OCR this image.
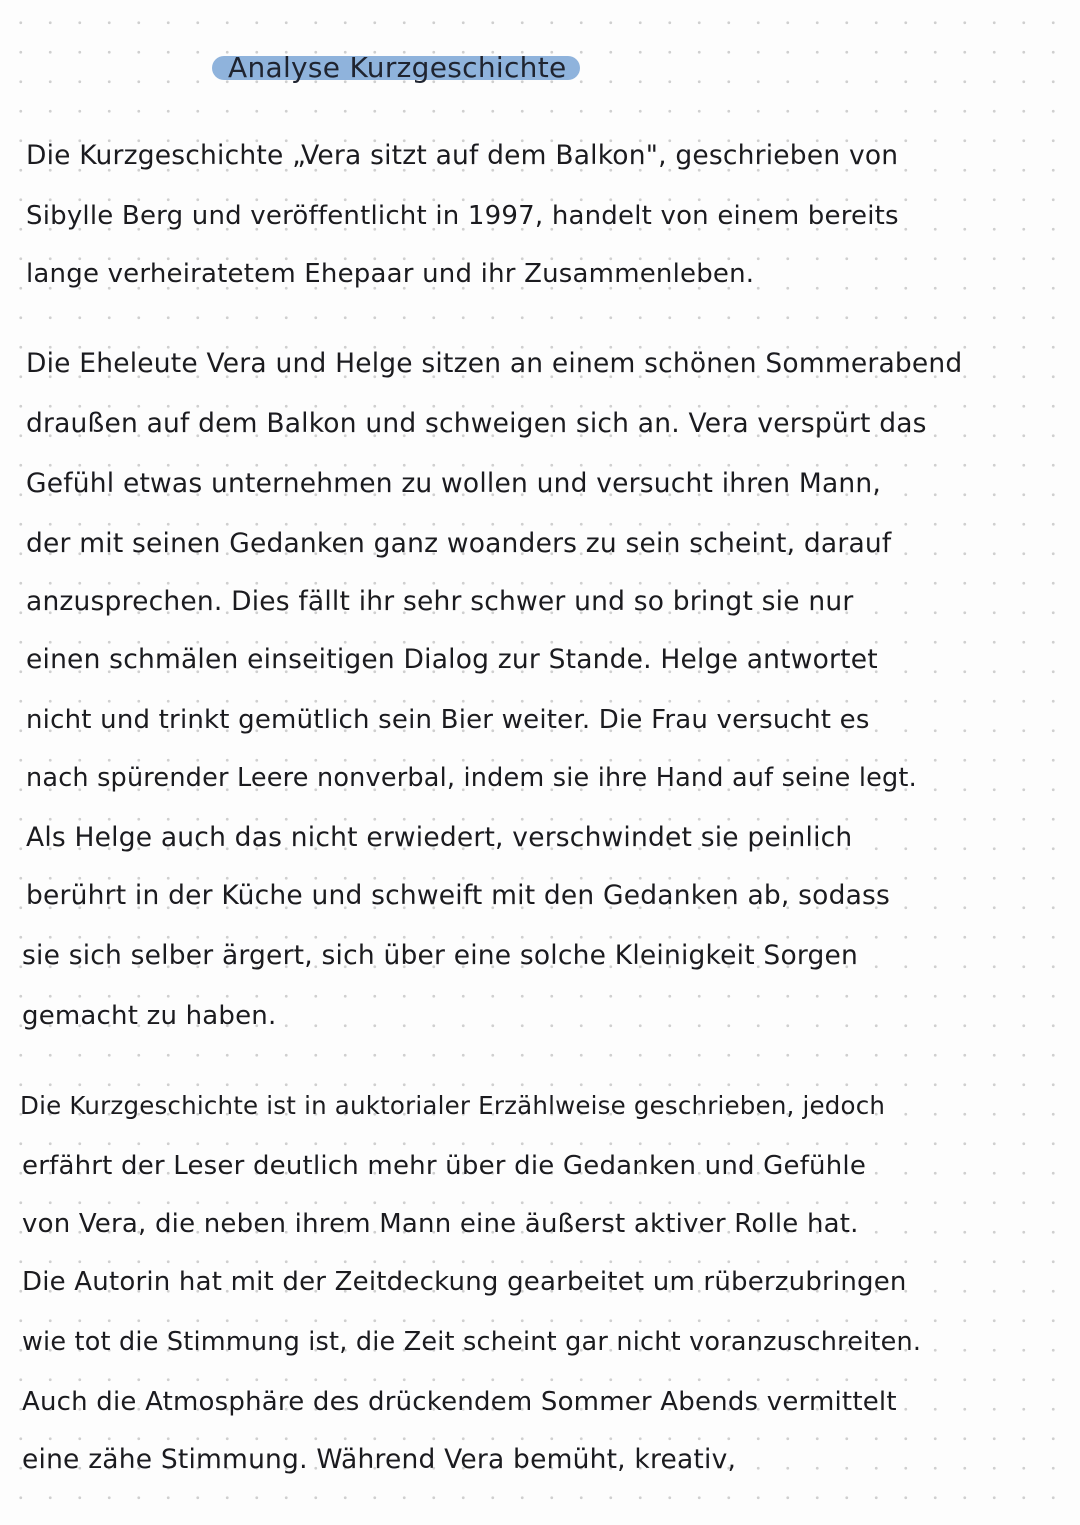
Analyse Kurzgeschichte
Die Kurzgeschichte „Vera sitzt auf dem Balkon", geschrieben von
Sibylle Berg und veröffentlicht in 1997, handelt von einem bereits
lange verheiratetem Ehepaar und ihr Zusammenleben.
Die Eheleute Vera und Helge sitzen an einem schönen Sommerabend
draußen auf dem Balkon und schweigen sich an. Vera verspürt das
Gefühl etwas unternehmen zu wollen und versucht ihren Mann,
der mit seinen Gedanken ganz woanders zu sein scheint, darauf
anzusprechen. Dies fällt ihr sehr schwer und so bringt sie nur
einen schmälen einseitigen Dialog zur Stande. Helge antwortet
nicht und trinkt gemütlich sein Bier weiter. Die Frau versucht es
nach spürender Leere nonverbal, indem sie ihre Hand auf seine legt.
Als Helge auch das nicht erwiedert, verschwindet sie peinlich
berührt in der Küche und schweift mit den Gedanken ab, sodass
sie sich selber ärgert, sich über eine solche Kleinigkeit Sorgen
gemacht zu haben.
Die Kurzgeschichte ist in auktorialer Erzählweise geschrieben, jedoch
erfährt der Leser deutlich mehr über die Gedanken und Gefühle
von Vera, die neben ihrem Mann eine äußerst aktiver Rolle hat.
Die Autorin hat mit der Zeitdeckung gearbeitet um rüberzubringen
wie tot die Stimmung ist, die Zeit scheint gar nicht voranzuschreiten.
Auch die Atmosphäre des drückendem Sommer Abends vermittelt
eine zähe Stimmung. Während Vera bemüht, kreativ,
